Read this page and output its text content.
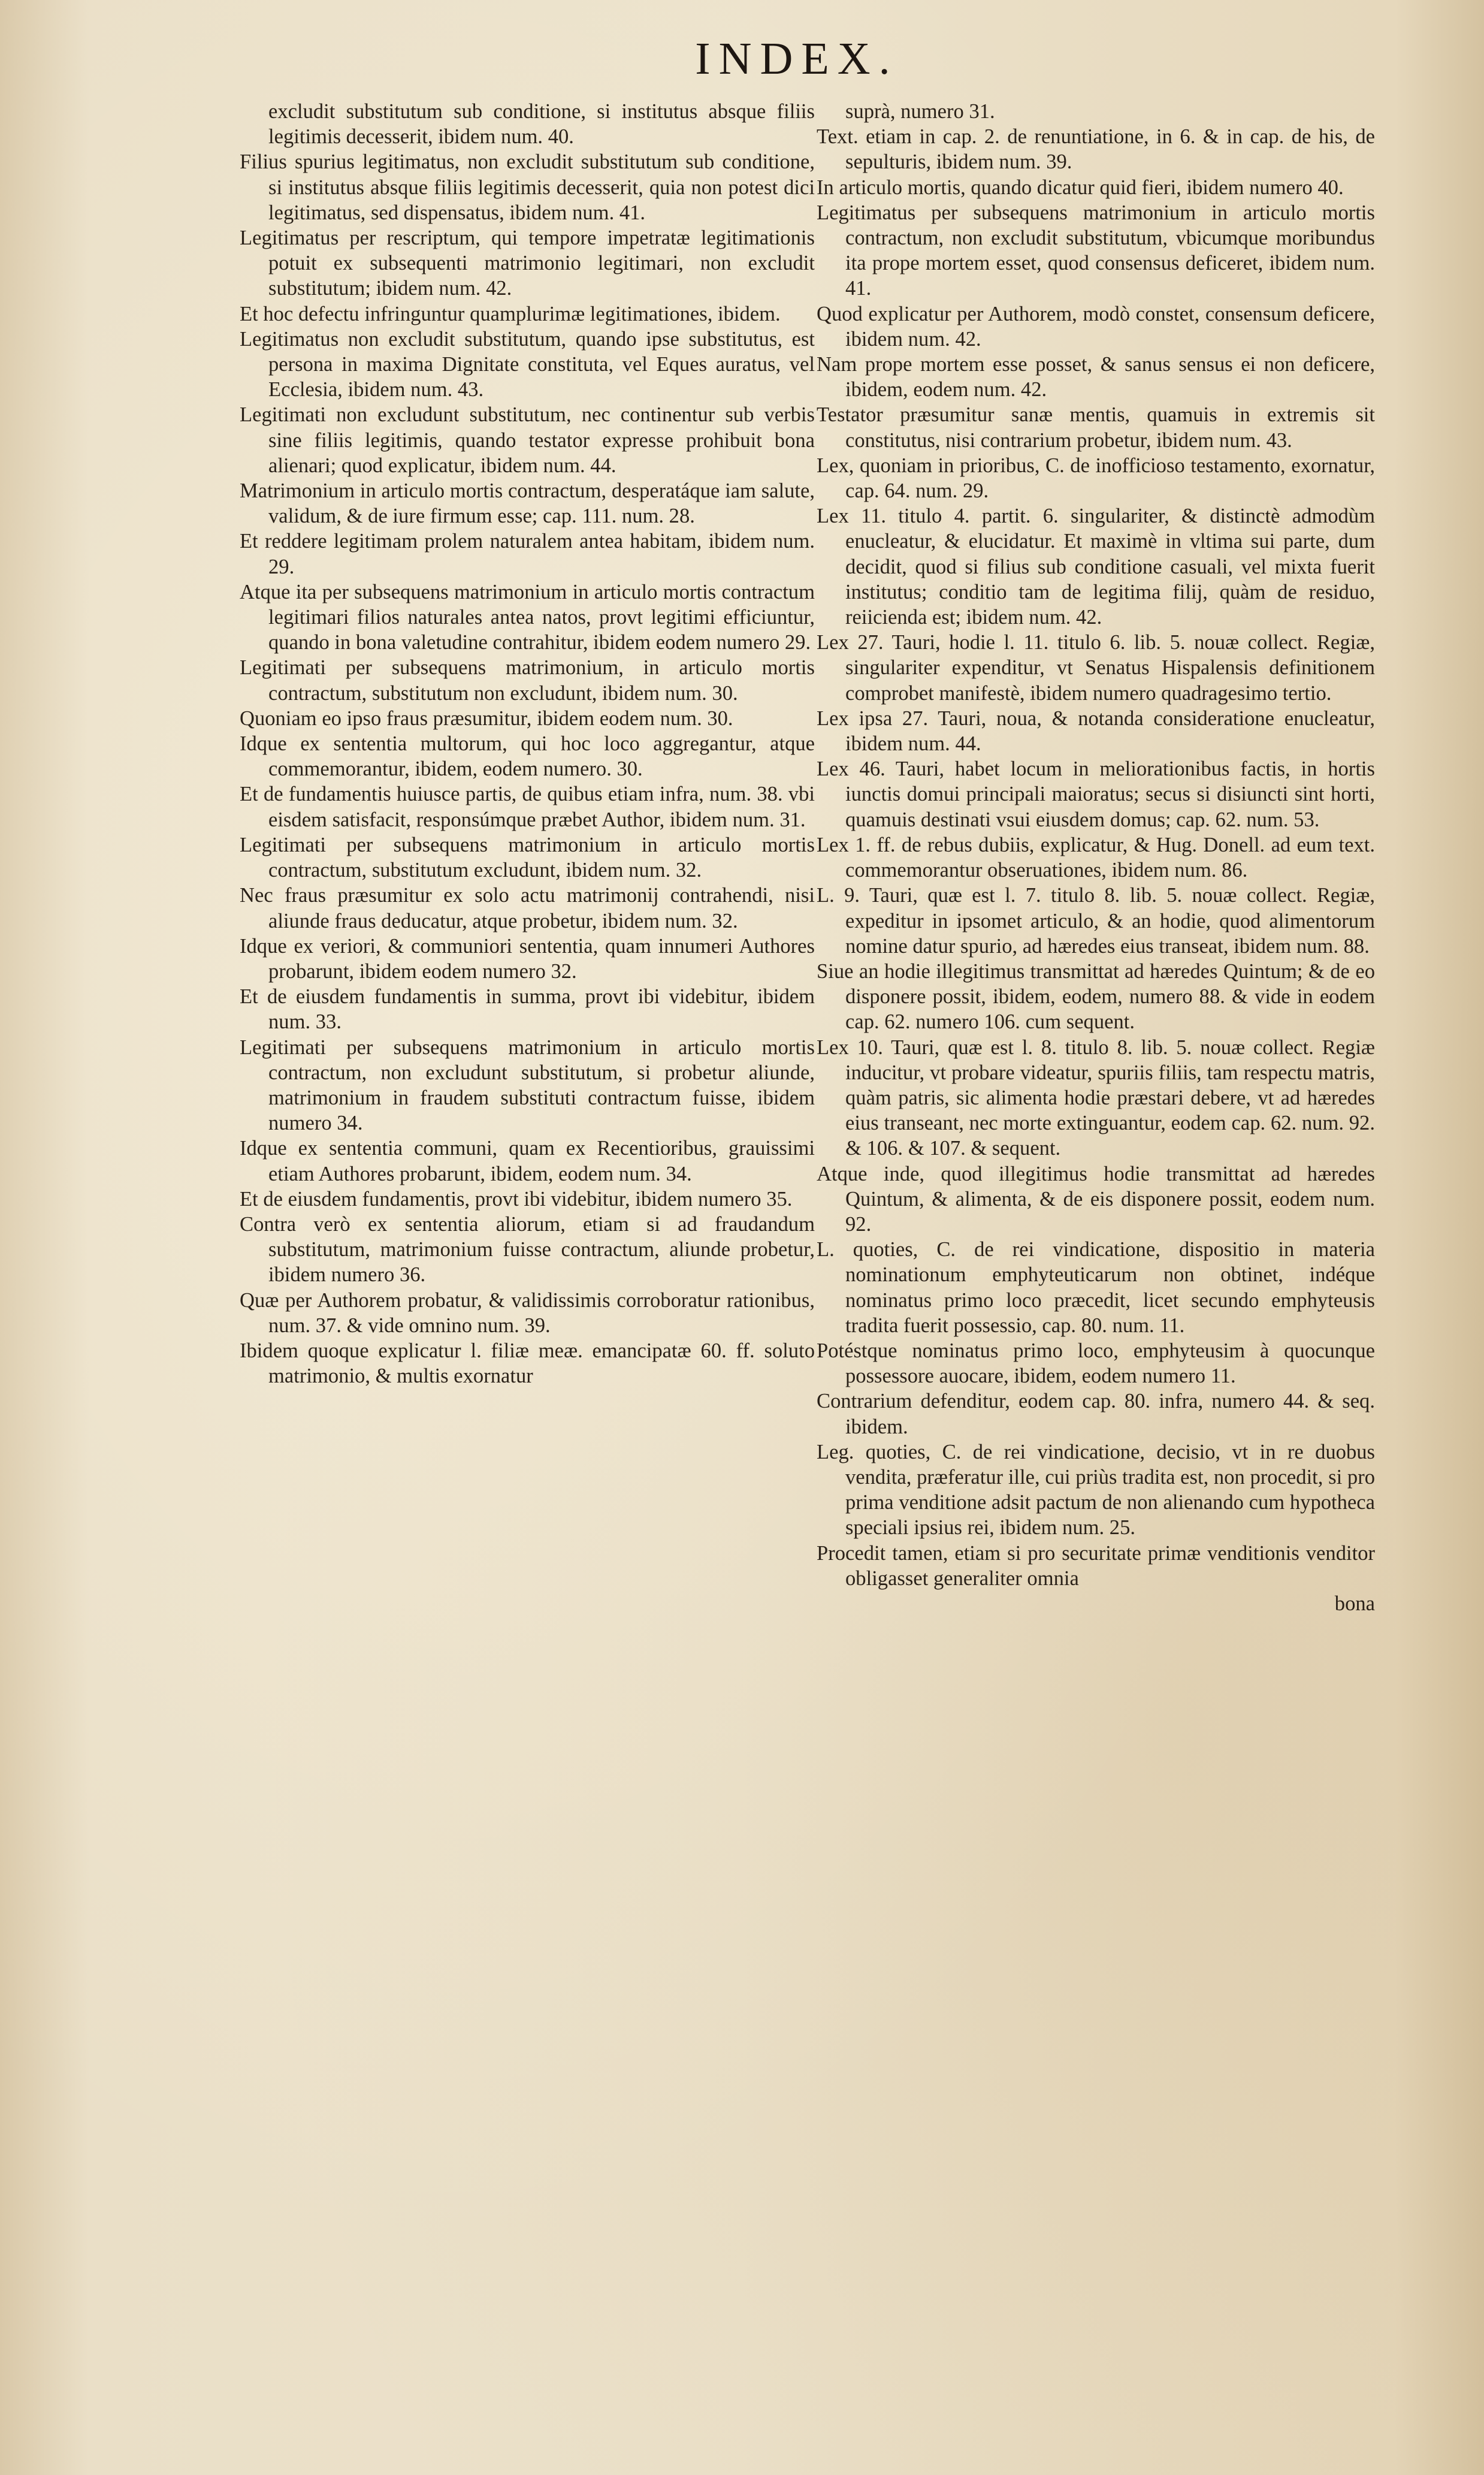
INDEX.

excludit substitutum sub conditione, si institutus absque filiis legitimis decesserit, ibidem num. 40.

Filius spurius legitimatus, non excludit substitutum sub conditione, si institutus absque filiis legitimis decesserit, quia non potest dici legitimatus, sed dispensatus, ibidem num. 41.

Legitimatus per rescriptum, qui tempore impetratæ legitimationis potuit ex subsequenti matrimonio legitimari, non excludit substitutum; ibidem num. 42.

Et hoc defectu infringuntur quamplurimæ legitimationes, ibidem.

Legitimatus non excludit substitutum, quando ipse substitutus, est persona in maxima Dignitate constituta, vel Eques auratus, vel Ecclesia, ibidem num. 43.

Legitimati non excludunt substitutum, nec continentur sub verbis sine filiis legitimis, quando testator expresse prohibuit bona alienari; quod explicatur, ibidem num. 44.

Matrimonium in articulo mortis contractum, desperatáque iam salute, validum, & de iure firmum esse; cap. 111. num. 28.

Et reddere legitimam prolem naturalem antea habitam, ibidem num. 29.

Atque ita per subsequens matrimonium in articulo mortis contractum legitimari filios naturales antea natos, provt legitimi efficiuntur, quando in bona valetudine contrahitur, ibidem eodem numero 29.

Legitimati per subsequens matrimonium, in articulo mortis contractum, substitutum non excludunt, ibidem num. 30.

Quoniam eo ipso fraus præsumitur, ibidem eodem num. 30.

Idque ex sententia multorum, qui hoc loco aggregantur, atque commemorantur, ibidem, eodem numero. 30.

Et de fundamentis huiusce partis, de quibus etiam infra, num. 38. vbi eisdem satisfacit, responsúmque præbet Author, ibidem num. 31.

Legitimati per subsequens matrimonium in articulo mortis contractum, substitutum excludunt, ibidem num. 32.

Nec fraus præsumitur ex solo actu matrimonij contrahendi, nisi aliunde fraus deducatur, atque probetur, ibidem num. 32.

Idque ex veriori, & communiori sententia, quam innumeri Authores probarunt, ibidem eodem numero 32.

Et de eiusdem fundamentis in summa, provt ibi videbitur, ibidem num. 33.

Legitimati per subsequens matrimonium in articulo mortis contractum, non excludunt substitutum, si probetur aliunde, matrimonium in fraudem substituti contractum fuisse, ibidem numero 34.

Idque ex sententia communi, quam ex Recentioribus, grauissimi etiam Authores probarunt, ibidem, eodem num. 34.

Et de eiusdem fundamentis, provt ibi videbitur, ibidem numero 35.

Contra verò ex sententia aliorum, etiam si ad fraudandum substitutum, matrimonium fuisse contractum, aliunde probetur, ibidem numero 36.

Quæ per Authorem probatur, & validissimis corroboratur rationibus, num. 37. & vide omnino num. 39.

Ibidem quoque explicatur l. filiæ meæ. emancipatæ 60. ff. soluto matrimonio, & multis exornatur

suprà, numero 31.

Text. etiam in cap. 2. de renuntiatione, in 6. & in cap. de his, de sepulturis, ibidem num. 39.

In articulo mortis, quando dicatur quid fieri, ibidem numero 40.

Legitimatus per subsequens matrimonium in articulo mortis contractum, non excludit substitutum, vbicumque moribundus ita prope mortem esset, quod consensus deficeret, ibidem num. 41.

Quod explicatur per Authorem, modò constet, consensum deficere, ibidem num. 42.

Nam prope mortem esse posset, & sanus sensus ei non deficere, ibidem, eodem num. 42.

Testator præsumitur sanæ mentis, quamuis in extremis sit constitutus, nisi contrarium probetur, ibidem num. 43.

Lex, quoniam in prioribus, C. de inofficioso testamento, exornatur, cap. 64. num. 29.

Lex 11. titulo 4. partit. 6. singulariter, & distinctè admodùm enucleatur, & elucidatur. Et maximè in vltima sui parte, dum decidit, quod si filius sub conditione casuali, vel mixta fuerit institutus; conditio tam de legitima filij, quàm de residuo, reiicienda est; ibidem num. 42.

Lex 27. Tauri, hodie l. 11. titulo 6. lib. 5. nouæ collect. Regiæ, singulariter expenditur, vt Senatus Hispalensis definitionem comprobet manifestè, ibidem numero quadragesimo tertio.

Lex ipsa 27. Tauri, noua, & notanda consideratione enucleatur, ibidem num. 44.

Lex 46. Tauri, habet locum in meliorationibus factis, in hortis iunctis domui principali maioratus; secus si disiuncti sint horti, quamuis destinati vsui eiusdem domus; cap. 62. num. 53.

Lex 1. ff. de rebus dubiis, explicatur, & Hug. Donell. ad eum text. commemorantur obseruationes, ibidem num. 86.

L. 9. Tauri, quæ est l. 7. titulo 8. lib. 5. nouæ collect. Regiæ, expeditur in ipsomet articulo, & an hodie, quod alimentorum nomine datur spurio, ad hæredes eius transeat, ibidem num. 88.

Siue an hodie illegitimus transmittat ad hæredes Quintum; & de eo disponere possit, ibidem, eodem, numero 88. & vide in eodem cap. 62. numero 106. cum sequent.

Lex 10. Tauri, quæ est l. 8. titulo 8. lib. 5. nouæ collect. Regiæ inducitur, vt probare videatur, spuriis filiis, tam respectu matris, quàm patris, sic alimenta hodie præstari debere, vt ad hæredes eius transeant, nec morte extinguantur, eodem cap. 62. num. 92. & 106. & 107. & sequent.

Atque inde, quod illegitimus hodie transmittat ad hæredes Quintum, & alimenta, & de eis disponere possit, eodem num. 92.

L. quoties, C. de rei vindicatione, dispositio in materia nominationum emphyteuticarum non obtinet, indéque nominatus primo loco præcedit, licet secundo emphyteusis tradita fuerit possessio, cap. 80. num. 11.

Potéstque nominatus primo loco, emphyteusim à quocunque possessore auocare, ibidem, eodem numero 11.

Contrarium defenditur, eodem cap. 80. infra, numero 44. & seq. ibidem.

Leg. quoties, C. de rei vindicatione, decisio, vt in re duobus vendita, præferatur ille, cui priùs tradita est, non procedit, si pro prima venditione adsit pactum de non alienando cum hypotheca speciali ipsius rei, ibidem num. 25.

Procedit tamen, etiam si pro securitate primæ venditionis venditor obligasset generaliter omnia

bona
